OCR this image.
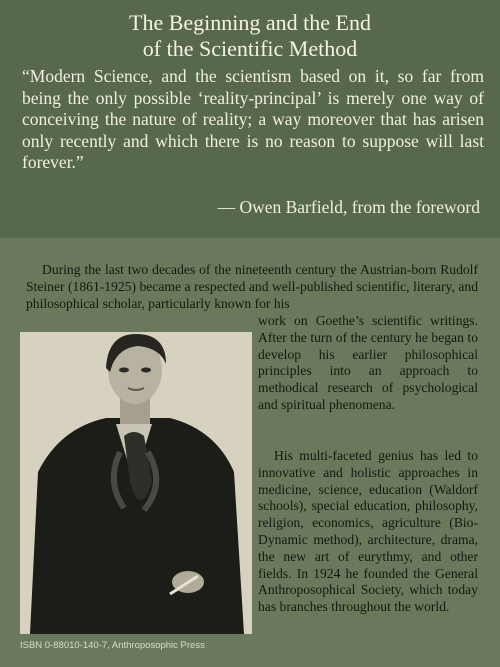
The Beginning and the End
of the Scientific Method

“Modern Science, and the scientism based on it, so far from being the only possible ‘reality-principal’ is merely one way of conceiving the nature of reality; a way moreover that has arisen only recently and which there is no reason to suppose will last forever.”

— Owen Barfield, from the foreword

During the last two decades of the nineteenth century the Austrian-born Rudolf Steiner (1861-1925) became a respected and well-published scientific, literary, and philosophical scholar, particularly known for his

work on Goethe’s scientific writings. After the turn of the century he began to develop his earlier philosophical principles into an approach to methodical research of psychological and spiritual phenomena.

His multi-faceted genius has led to innovative and holistic approaches in medicine, science, education (Waldorf schools), special education, philosophy, religion, economics, agriculture (Bio-Dynamic method), architecture, drama, the new art of eurythmy, and other fields. In 1924 he founded the General Anthroposophical Society, which today has branches throughout the world.

ISBN 0-88010-140-7, Anthroposophic Press
